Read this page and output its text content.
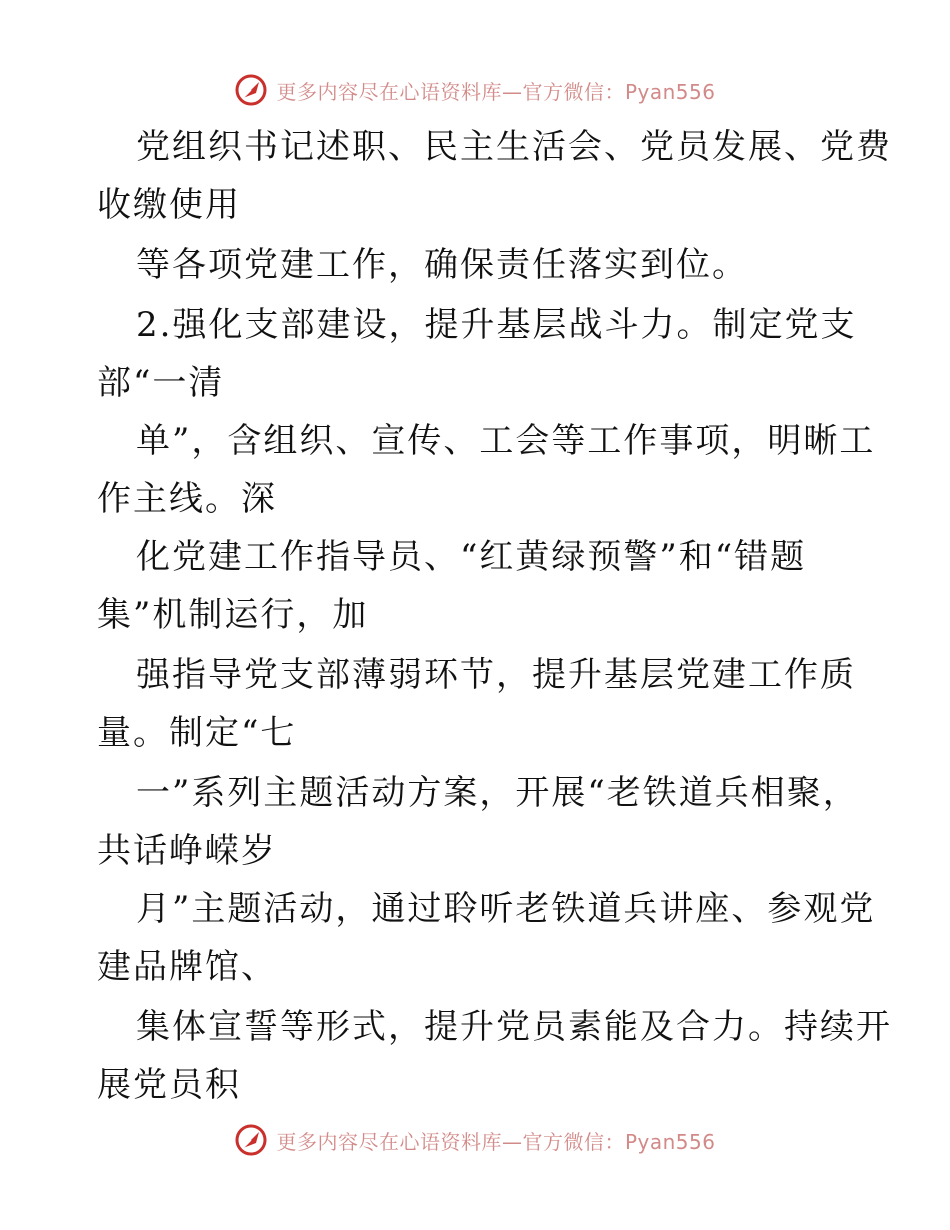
更多内容尽在心语资料库—官方微信：Pyan556
党组织书记述职、民主生活会、党员发展、党费
收缴使用
等各项党建工作，确保责任落实到位。
2.强化支部建设，提升基层战斗力。制定党支
部“一清
单”，含组织、宣传、工会等工作事项，明晰工
作主线。深
化党建工作指导员、“红黄绿预警”和“错题
集”机制运行，加
强指导党支部薄弱环节，提升基层党建工作质
量。制定“七
一”系列主题活动方案，开展“老铁道兵相聚，
共话峥嵘岁
月”主题活动，通过聆听老铁道兵讲座、参观党
建品牌馆、
集体宣誓等形式，提升党员素能及合力。持续开
展党员积
更多内容尽在心语资料库—官方微信：Pyan556
